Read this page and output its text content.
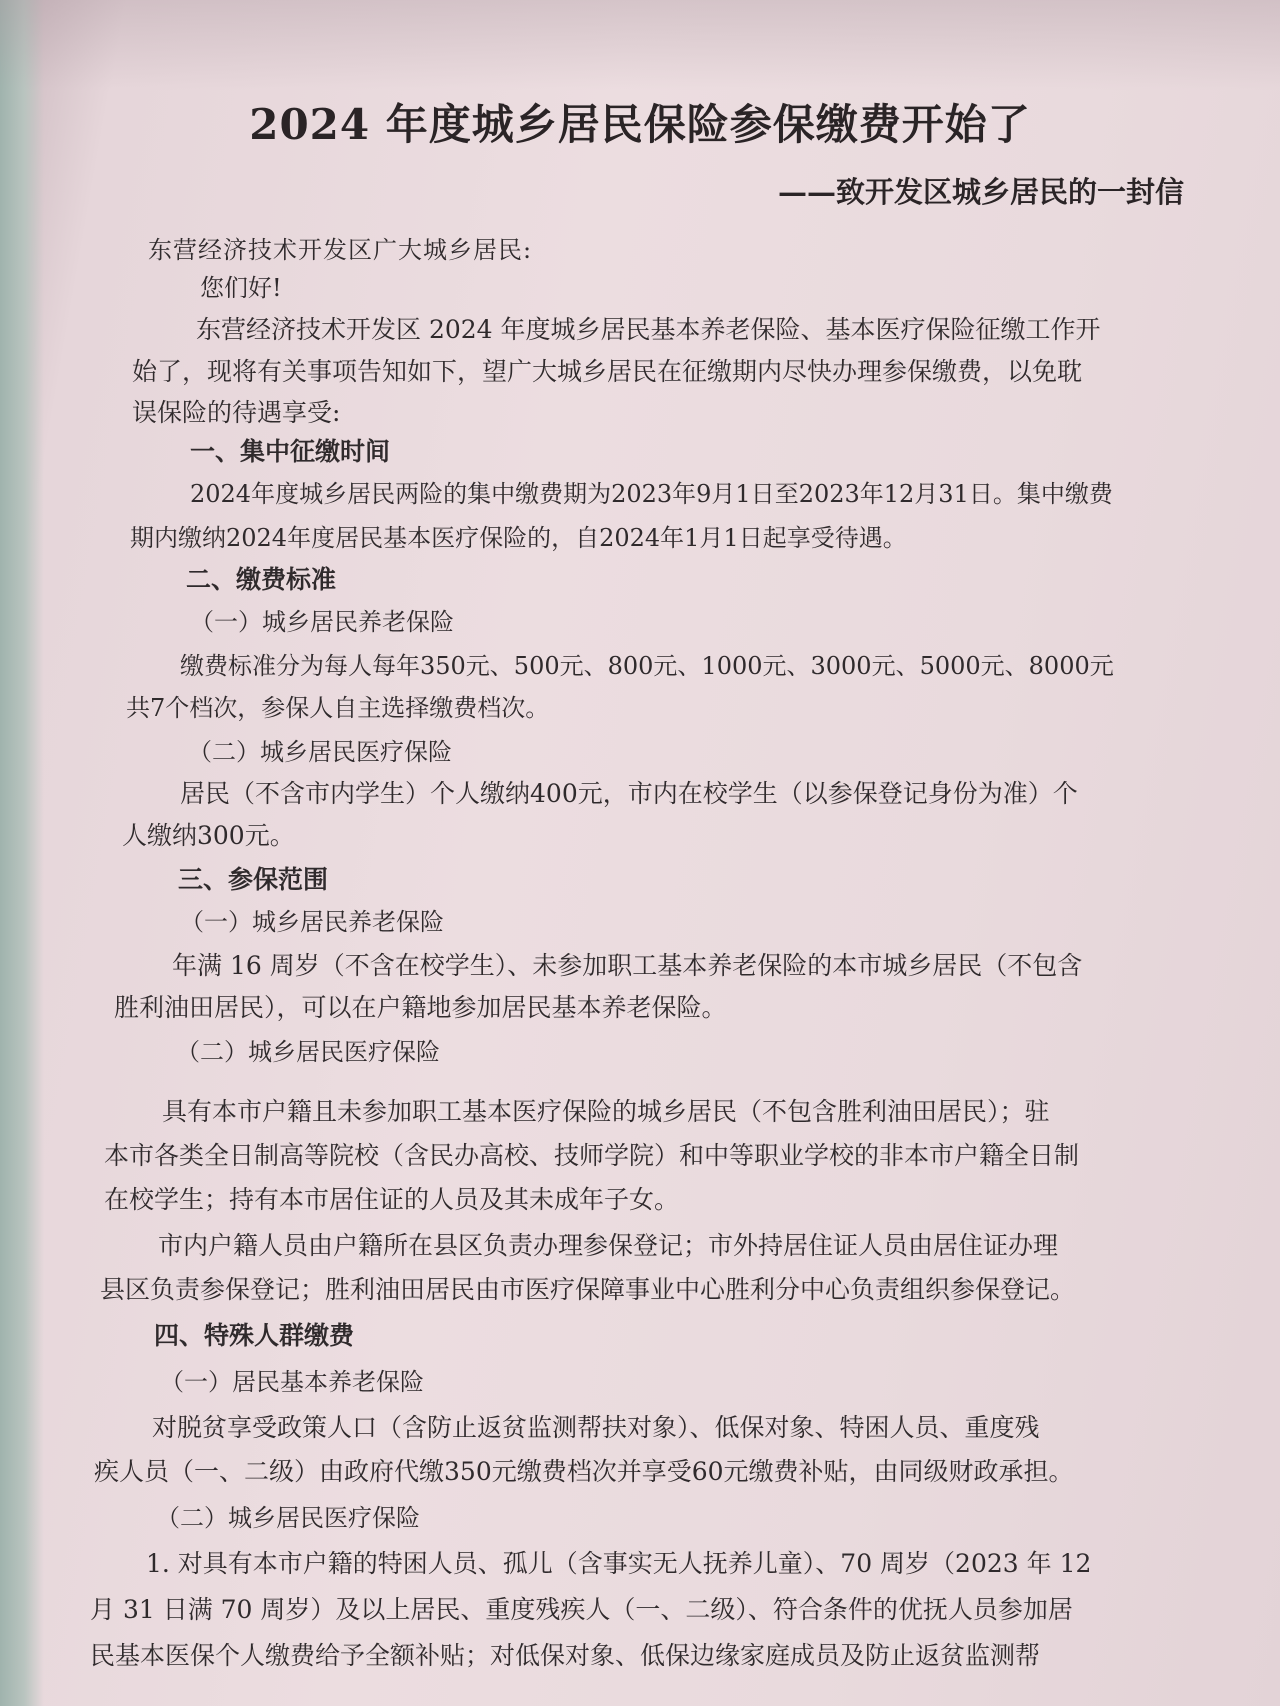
2024 年度城乡居民保险参保缴费开始了
——致开发区城乡居民的一封信
东营经济技术开发区广大城乡居民:
您们好!
东营经济技术开发区 2024 年度城乡居民基本养老保险、基本医疗保险征缴工作开
始了，现将有关事项告知如下，望广大城乡居民在征缴期内尽快办理参保缴费，以免耽
误保险的待遇享受:
一、集中征缴时间
2024年度城乡居民两险的集中缴费期为2023年9月1日至2023年12月31日。集中缴费
期内缴纳2024年度居民基本医疗保险的，自2024年1月1日起享受待遇。
二、缴费标准
（一）城乡居民养老保险
缴费标准分为每人每年350元、500元、800元、1000元、3000元、5000元、8000元
共7个档次，参保人自主选择缴费档次。
（二）城乡居民医疗保险
居民（不含市内学生）个人缴纳400元，市内在校学生（以参保登记身份为准）个
人缴纳300元。
三、参保范围
（一）城乡居民养老保险
年满 16 周岁（不含在校学生）、未参加职工基本养老保险的本市城乡居民（不包含
胜利油田居民），可以在户籍地参加居民基本养老保险。
（二）城乡居民医疗保险
具有本市户籍且未参加职工基本医疗保险的城乡居民（不包含胜利油田居民）；驻
本市各类全日制高等院校（含民办高校、技师学院）和中等职业学校的非本市户籍全日制
在校学生；持有本市居住证的人员及其未成年子女。
市内户籍人员由户籍所在县区负责办理参保登记；市外持居住证人员由居住证办理
县区负责参保登记；胜利油田居民由市医疗保障事业中心胜利分中心负责组织参保登记。
四、特殊人群缴费
（一）居民基本养老保险
对脱贫享受政策人口（含防止返贫监测帮扶对象）、低保对象、特困人员、重度残
疾人员（一、二级）由政府代缴350元缴费档次并享受60元缴费补贴，由同级财政承担。
（二）城乡居民医疗保险
1. 对具有本市户籍的特困人员、孤儿（含事实无人抚养儿童）、70 周岁（2023 年 12
月 31 日满 70 周岁）及以上居民、重度残疾人（一、二级）、符合条件的优抚人员参加居
民基本医保个人缴费给予全额补贴；对低保对象、低保边缘家庭成员及防止返贫监测帮
